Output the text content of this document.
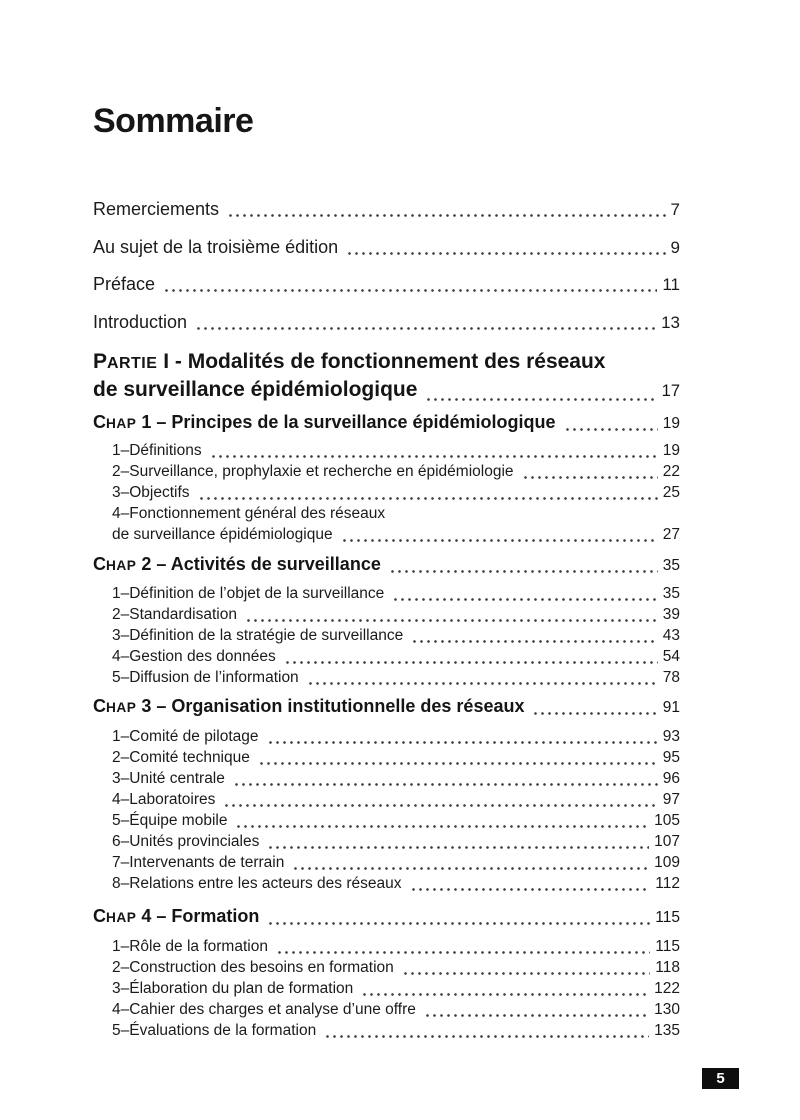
Sommaire
Remerciements	7
Au sujet de la troisième édition	9
Préface	11
Introduction	13
PARTIE I - Modalités de fonctionnement des réseaux
de surveillance épidémiologique	17
CHAP 1 – Principes de la surveillance épidémiologique	19
1–Définitions	19
2–Surveillance, prophylaxie et recherche en épidémiologie	22
3–Objectifs	25
4–Fonctionnement général des réseaux
de surveillance épidémiologique	27
CHAP 2 – Activités de surveillance	35
1–Définition de l’objet de la surveillance	35
2–Standardisation	39
3–Définition de la stratégie de surveillance	43
4–Gestion des données	54
5–Diffusion de l’information	78
CHAP 3 – Organisation institutionnelle des réseaux	91
1–Comité de pilotage	93
2–Comité technique	95
3–Unité centrale	96
4–Laboratoires	97
5–Équipe mobile	105
6–Unités provinciales	107
7–Intervenants de terrain	109
8–Relations entre les acteurs des réseaux	112
CHAP 4 – Formation	115
1–Rôle de la formation	115
2–Construction des besoins en formation	118
3–Élaboration du plan de formation	122
4–Cahier des charges et analyse d’une offre	130
5–Évaluations de la formation	135
5
